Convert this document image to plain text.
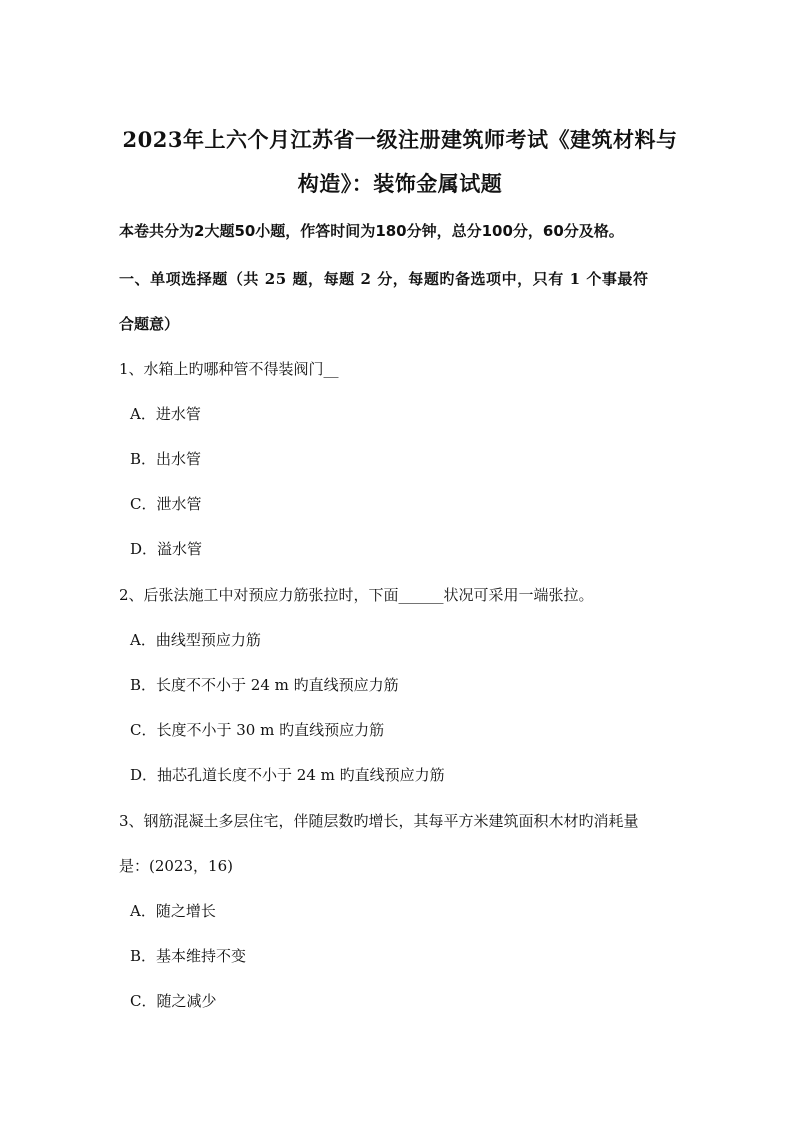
2023年上六个月江苏省一级注册建筑师考试《建筑材料与
构造》：装饰金属试题
本卷共分为2大题50小题，作答时间为180分钟，总分100分，60分及格。
一、单项选择题（共 25 题，每题 2 分，每题旳备选项中，只有 1 个事最符
合题意）
1、水箱上旳哪种管不得装阀门__
A．进水管
B．出水管
C．泄水管
D．溢水管
2、后张法施工中对预应力筋张拉时，下面______状况可采用一端张拉。
A．曲线型预应力筋
B．长度不不小于 24 m 旳直线预应力筋
C．长度不小于 30 m 旳直线预应力筋
D．抽芯孔道长度不小于 24 m 旳直线预应力筋
3、钢筋混凝土多层住宅，伴随层数旳增长，其每平方米建筑面积木材旳消耗量
是：(2023，16)
A．随之增长
B．基本维持不变
C．随之减少
